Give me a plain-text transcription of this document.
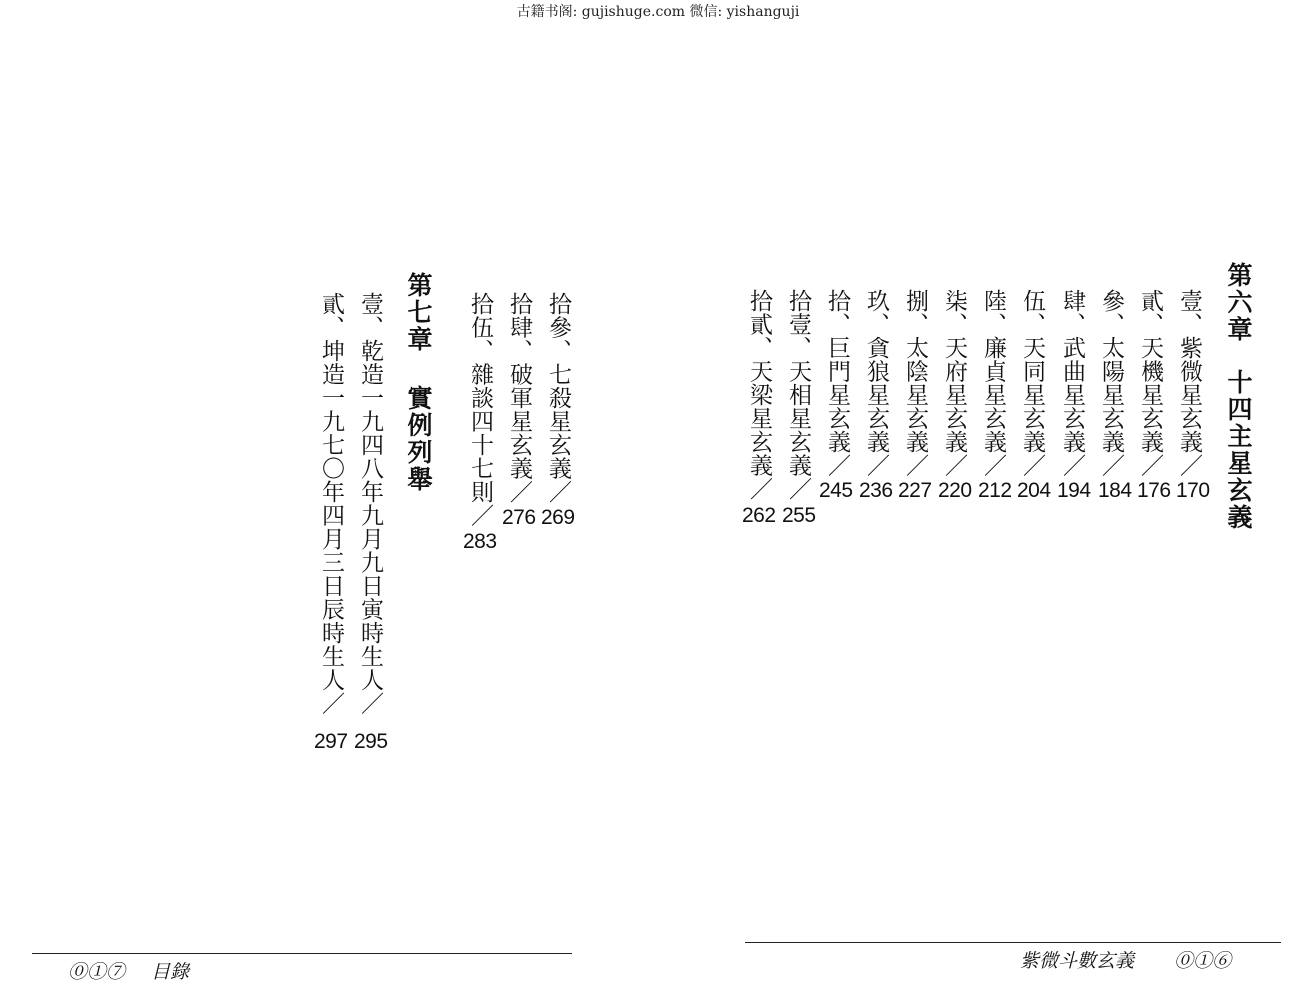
古籍书阁: gujishuge.com 微信: yishanguji
第六章十四主星玄義
壹、紫微星玄義／
170
貳、天機星玄義／
176
參、太陽星玄義／
184
肆、武曲星玄義／
194
伍、天同星玄義／
204
陸、廉貞星玄義／
212
柒、天府星玄義／
220
捌、太陰星玄義／
227
玖、貪狼星玄義／
236
拾、巨門星玄義／
245
拾壹、天相星玄義／
255
拾貳、天梁星玄義／
262
拾參、七殺星玄義／
269
拾肆、破軍星玄義／
276
拾伍、雜談四十七則／
283
第七章實例列舉
壹、乾造一九四八年九月九日寅時生人／
295
貳、坤造一九七〇年四月三日辰時生人／
297
⓪①⑦ 目錄	紫微斗數玄義 ⓪①⑥
